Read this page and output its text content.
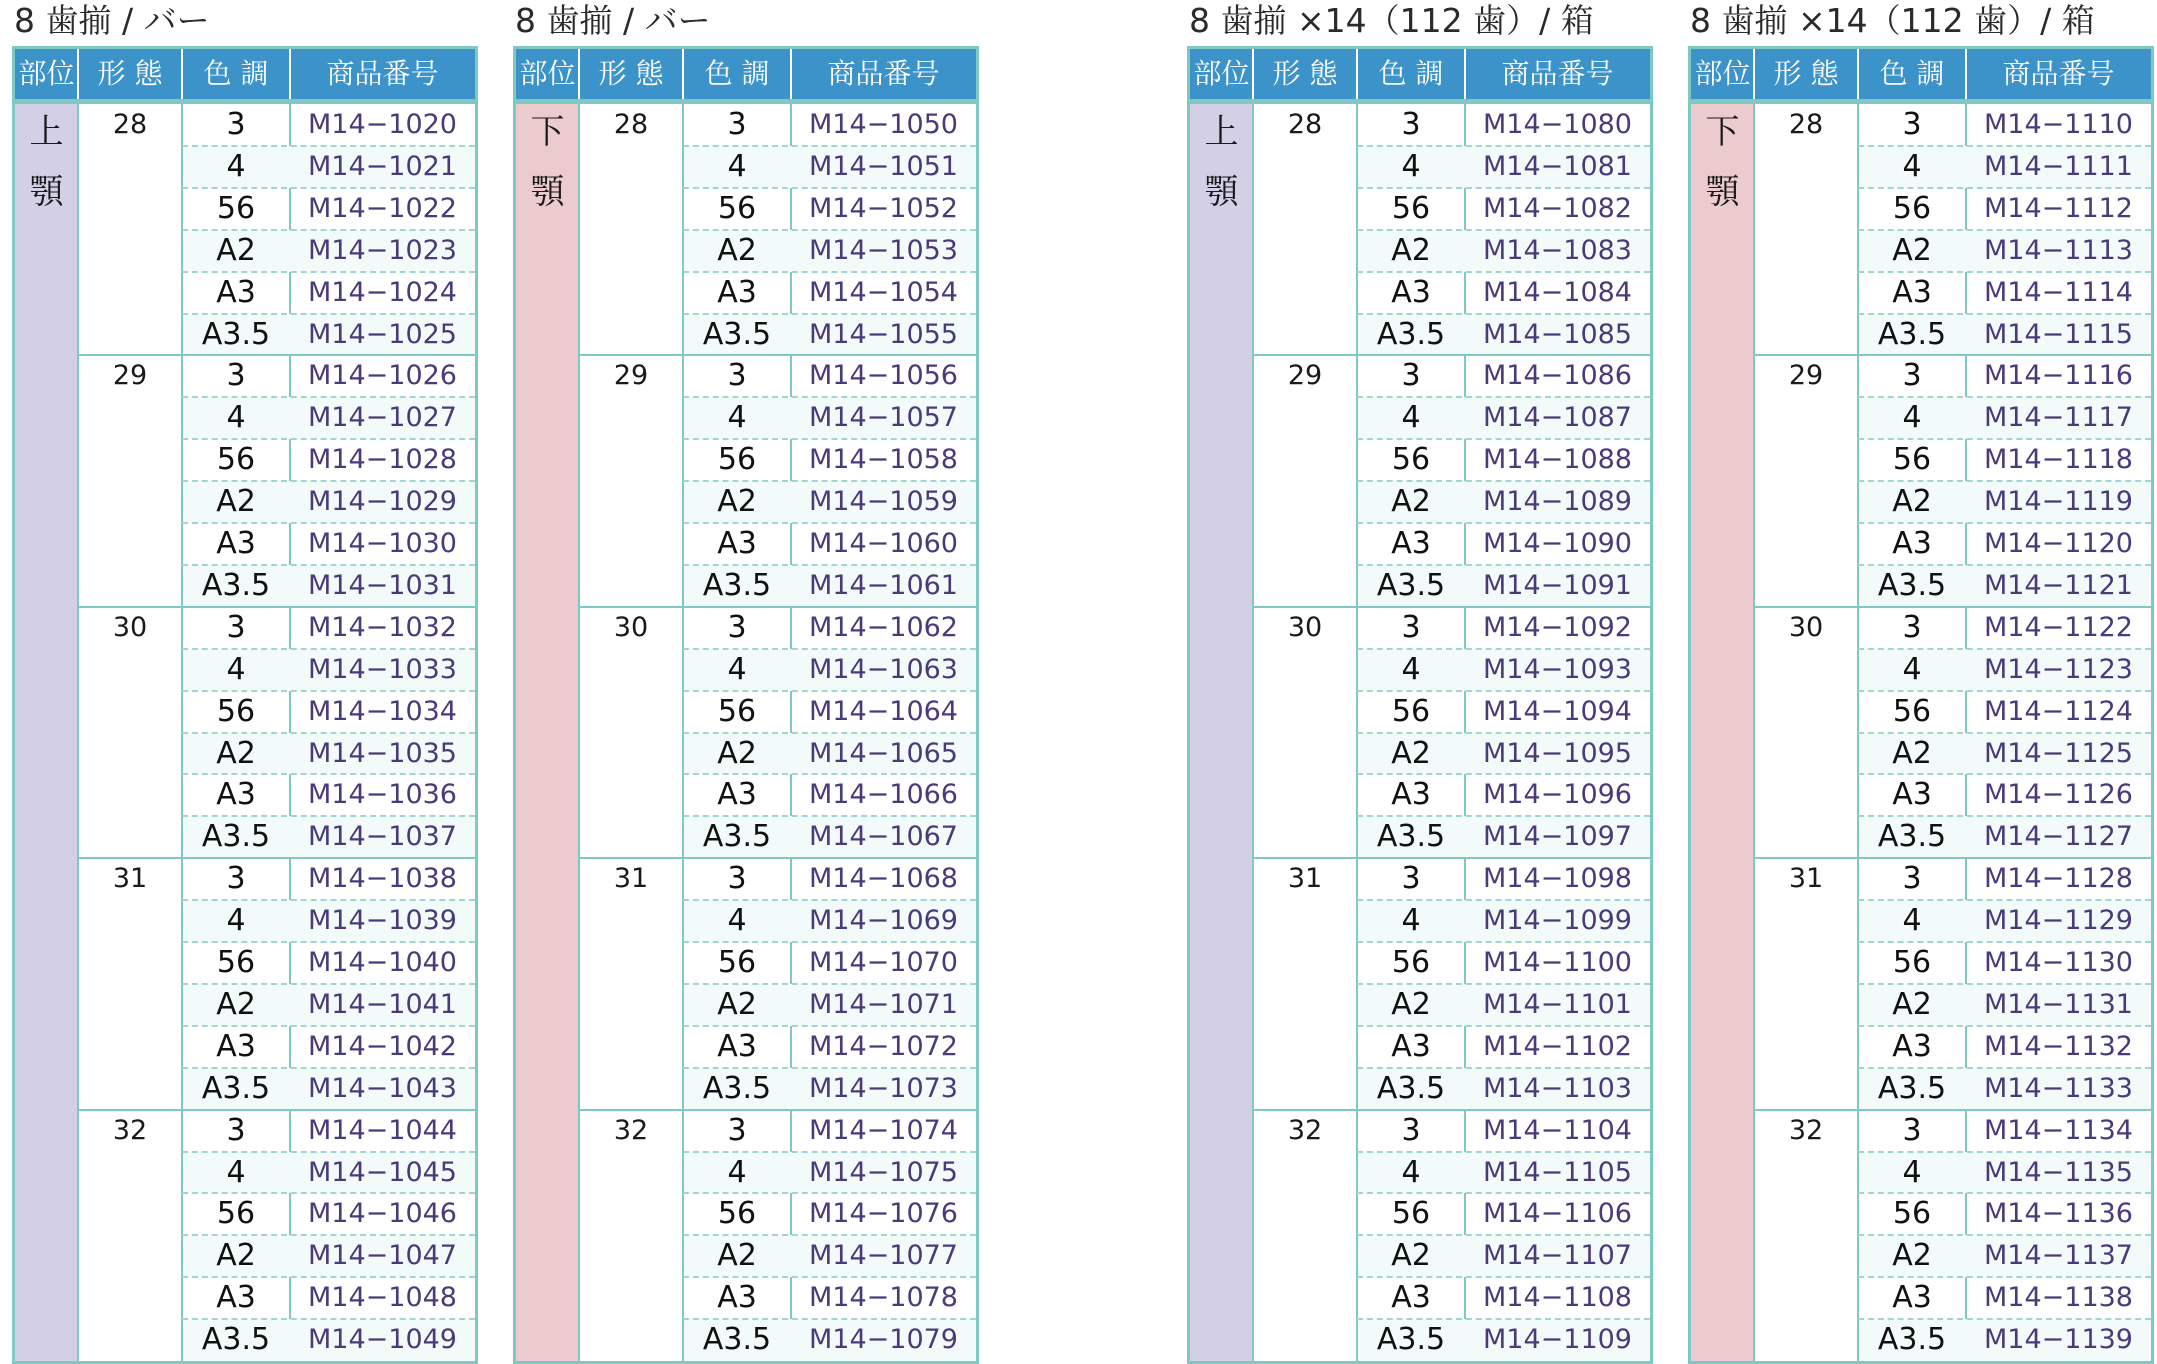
8 歯揃 / バー
部位 形 態	色 調	商品番号
上
顎
28	3	M14−1020
4	M14−1021
56	M14−1022
A2	M14−1023
A3	M14−1024
A3.5	M14−1025
29	3	M14−1026
4	M14−1027
56	M14−1028
A2	M14−1029
A3	M14−1030
A3.5	M14−1031
30	3	M14−1032
4	M14−1033
56	M14−1034
A2	M14−1035
A3	M14−1036
A3.5	M14−1037
31	3	M14−1038
4	M14−1039
56	M14−1040
A2	M14−1041
A3	M14−1042
A3.5	M14−1043
32	3	M14−1044
4	M14−1045
56	M14−1046
A2	M14−1047
A3	M14−1048
A3.5	M14−1049
8 歯揃 / バー
部位 形 態	色 調	商品番号
下
顎
28	3	M14−1050
4	M14−1051
56	M14−1052
A2	M14−1053
A3	M14−1054
A3.5	M14−1055
29	3	M14−1056
4	M14−1057
56	M14−1058
A2	M14−1059
A3	M14−1060
A3.5	M14−1061
30	3	M14−1062
4	M14−1063
56	M14−1064
A2	M14−1065
A3	M14−1066
A3.5	M14−1067
31	3	M14−1068
4	M14−1069
56	M14−1070
A2	M14−1071
A3	M14−1072
A3.5	M14−1073
32	3	M14−1074
4	M14−1075
56	M14−1076
A2	M14−1077
A3	M14−1078
A3.5	M14−1079
8 歯揃 ×14（112 歯）/ 箱
部位 形 態	色 調	商品番号
上
顎
28	3	M14−1080
4	M14−1081
56	M14−1082
A2	M14−1083
A3	M14−1084
A3.5	M14−1085
29	3	M14−1086
4	M14−1087
56	M14−1088
A2	M14−1089
A3	M14−1090
A3.5	M14−1091
30	3	M14−1092
4	M14−1093
56	M14−1094
A2	M14−1095
A3	M14−1096
A3.5	M14−1097
31	3	M14−1098
4	M14−1099
56	M14−1100
A2	M14−1101
A3	M14−1102
A3.5	M14−1103
32	3	M14−1104
4	M14−1105
56	M14−1106
A2	M14−1107
A3	M14−1108
A3.5	M14−1109
8 歯揃 ×14（112 歯）/ 箱
部位 形 態	色 調	商品番号
下
顎
28	3	M14−1110
4	M14−1111
56	M14−1112
A2	M14−1113
A3	M14−1114
A3.5	M14−1115
29	3	M14−1116
4	M14−1117
56	M14−1118
A2	M14−1119
A3	M14−1120
A3.5	M14−1121
30	3	M14−1122
4	M14−1123
56	M14−1124
A2	M14−1125
A3	M14−1126
A3.5	M14−1127
31	3	M14−1128
4	M14−1129
56	M14−1130
A2	M14−1131
A3	M14−1132
A3.5	M14−1133
32	3	M14−1134
4	M14−1135
56	M14−1136
A2	M14−1137
A3	M14−1138
A3.5	M14−1139
